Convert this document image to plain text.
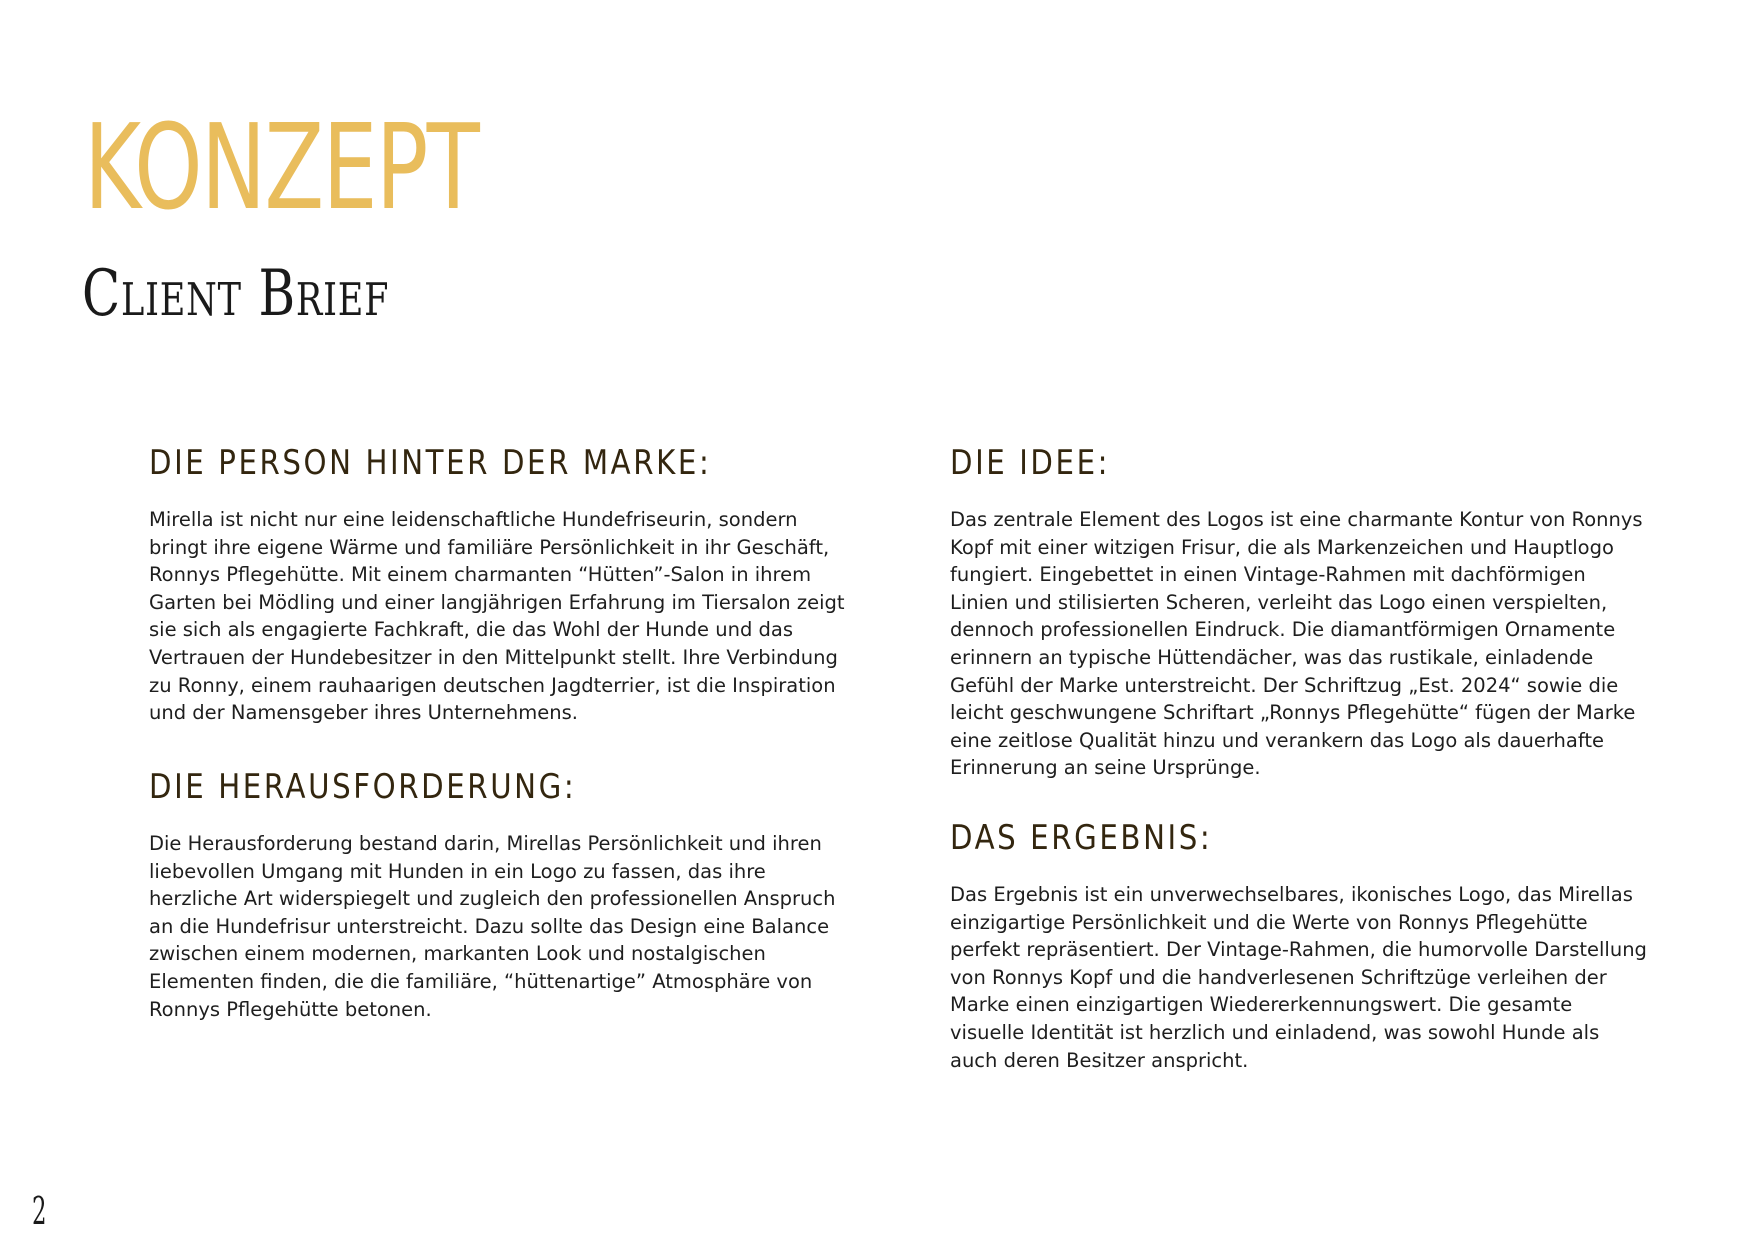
KONZEPT
Client Brief
DIE PERSON HINTER DER MARKE:

Mirella ist nicht nur eine leidenschaftliche Hundefriseurin, sondern
bringt ihre eigene Wärme und familiäre Persönlichkeit in ihr Geschäft,
Ronnys Pflegehütte. Mit einem charmanten “Hütten”-Salon in ihrem
Garten bei Mödling und einer langjährigen Erfahrung im Tiersalon zeigt
sie sich als engagierte Fachkraft, die das Wohl der Hunde und das
Vertrauen der Hundebesitzer in den Mittelpunkt stellt. Ihre Verbindung
zu Ronny, einem rauhaarigen deutschen Jagdterrier, ist die Inspiration
und der Namensgeber ihres Unternehmens.

DIE HERAUSFORDERUNG:

Die Herausforderung bestand darin, Mirellas Persönlichkeit und ihren
liebevollen Umgang mit Hunden in ein Logo zu fassen, das ihre
herzliche Art widerspiegelt und zugleich den professionellen Anspruch
an die Hundefrisur unterstreicht. Dazu sollte das Design eine Balance
zwischen einem modernen, markanten Look und nostalgischen
Elementen finden, die die familiäre, “hüttenartige” Atmosphäre von
Ronnys Pflegehütte betonen.

DIE IDEE:

Das zentrale Element des Logos ist eine charmante Kontur von Ronnys
Kopf mit einer witzigen Frisur, die als Markenzeichen und Hauptlogo
fungiert. Eingebettet in einen Vintage-Rahmen mit dachförmigen
Linien und stilisierten Scheren, verleiht das Logo einen verspielten,
dennoch professionellen Eindruck. Die diamantförmigen Ornamente
erinnern an typische Hüttendächer, was das rustikale, einladende
Gefühl der Marke unterstreicht. Der Schriftzug „Est. 2024“ sowie die
leicht geschwungene Schriftart „Ronnys Pflegehütte“ fügen der Marke
eine zeitlose Qualität hinzu und verankern das Logo als dauerhafte
Erinnerung an seine Ursprünge.

DAS ERGEBNIS:

Das Ergebnis ist ein unverwechselbares, ikonisches Logo, das Mirellas
einzigartige Persönlichkeit und die Werte von Ronnys Pflegehütte
perfekt repräsentiert. Der Vintage-Rahmen, die humorvolle Darstellung
von Ronnys Kopf und die handverlesenen Schriftzüge verleihen der
Marke einen einzigartigen Wiedererkennungswert. Die gesamte
visuelle Identität ist herzlich und einladend, was sowohl Hunde als
auch deren Besitzer anspricht.

2
